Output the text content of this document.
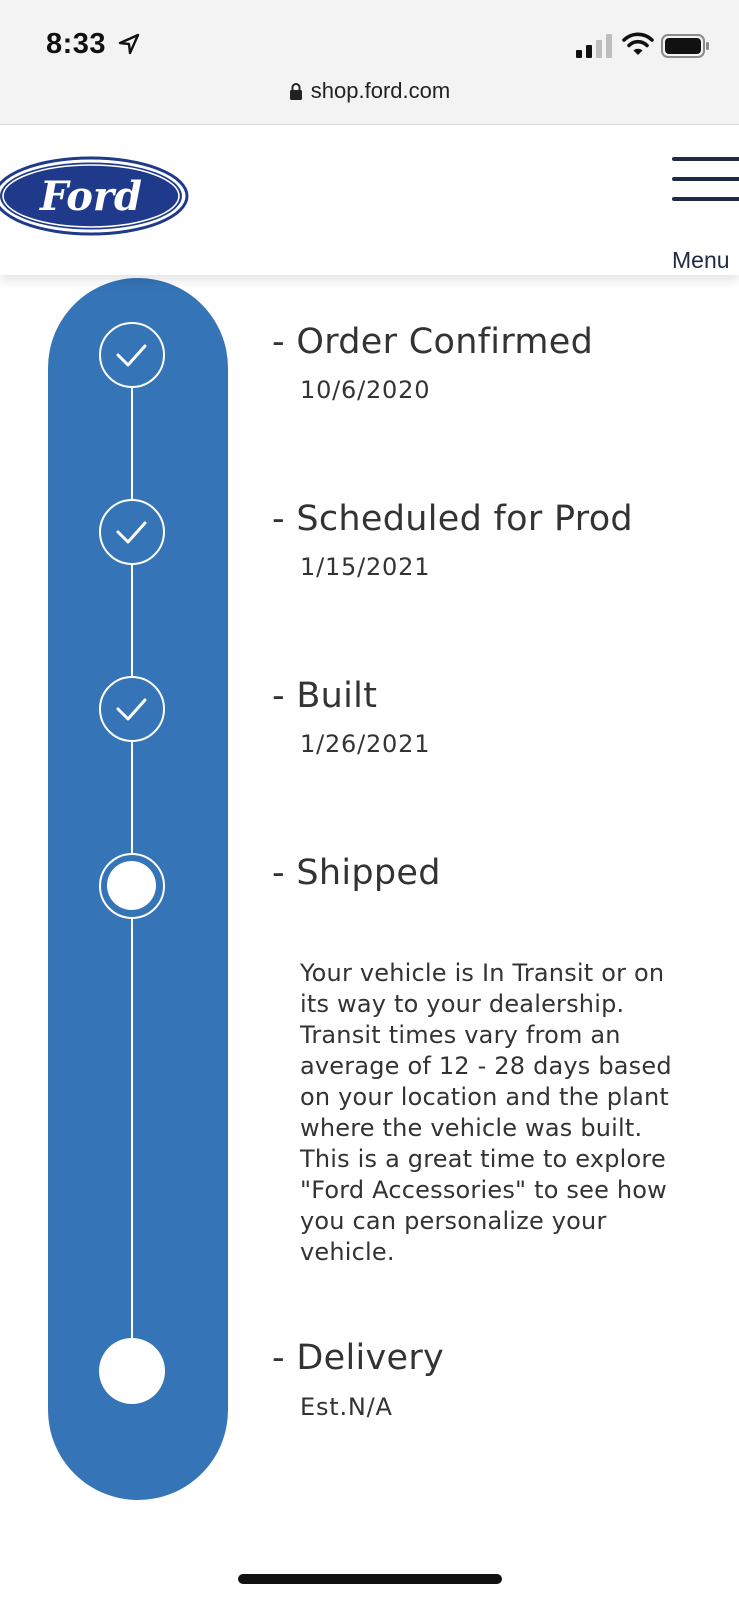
8:33
shop.ford.com
Ford
Menu
- Order Confirmed
10/6/2020
- Scheduled for Prod
1/15/2021
- Built
1/26/2021
- Shipped
Your vehicle is In Transit or on its way to your dealership. Transit times vary from an average of 12 - 28 days based on your location and the plant where the vehicle was built. This is a great time to explore "Ford Accessories" to see how you can personalize your vehicle.
- Delivery
Est.N/A
